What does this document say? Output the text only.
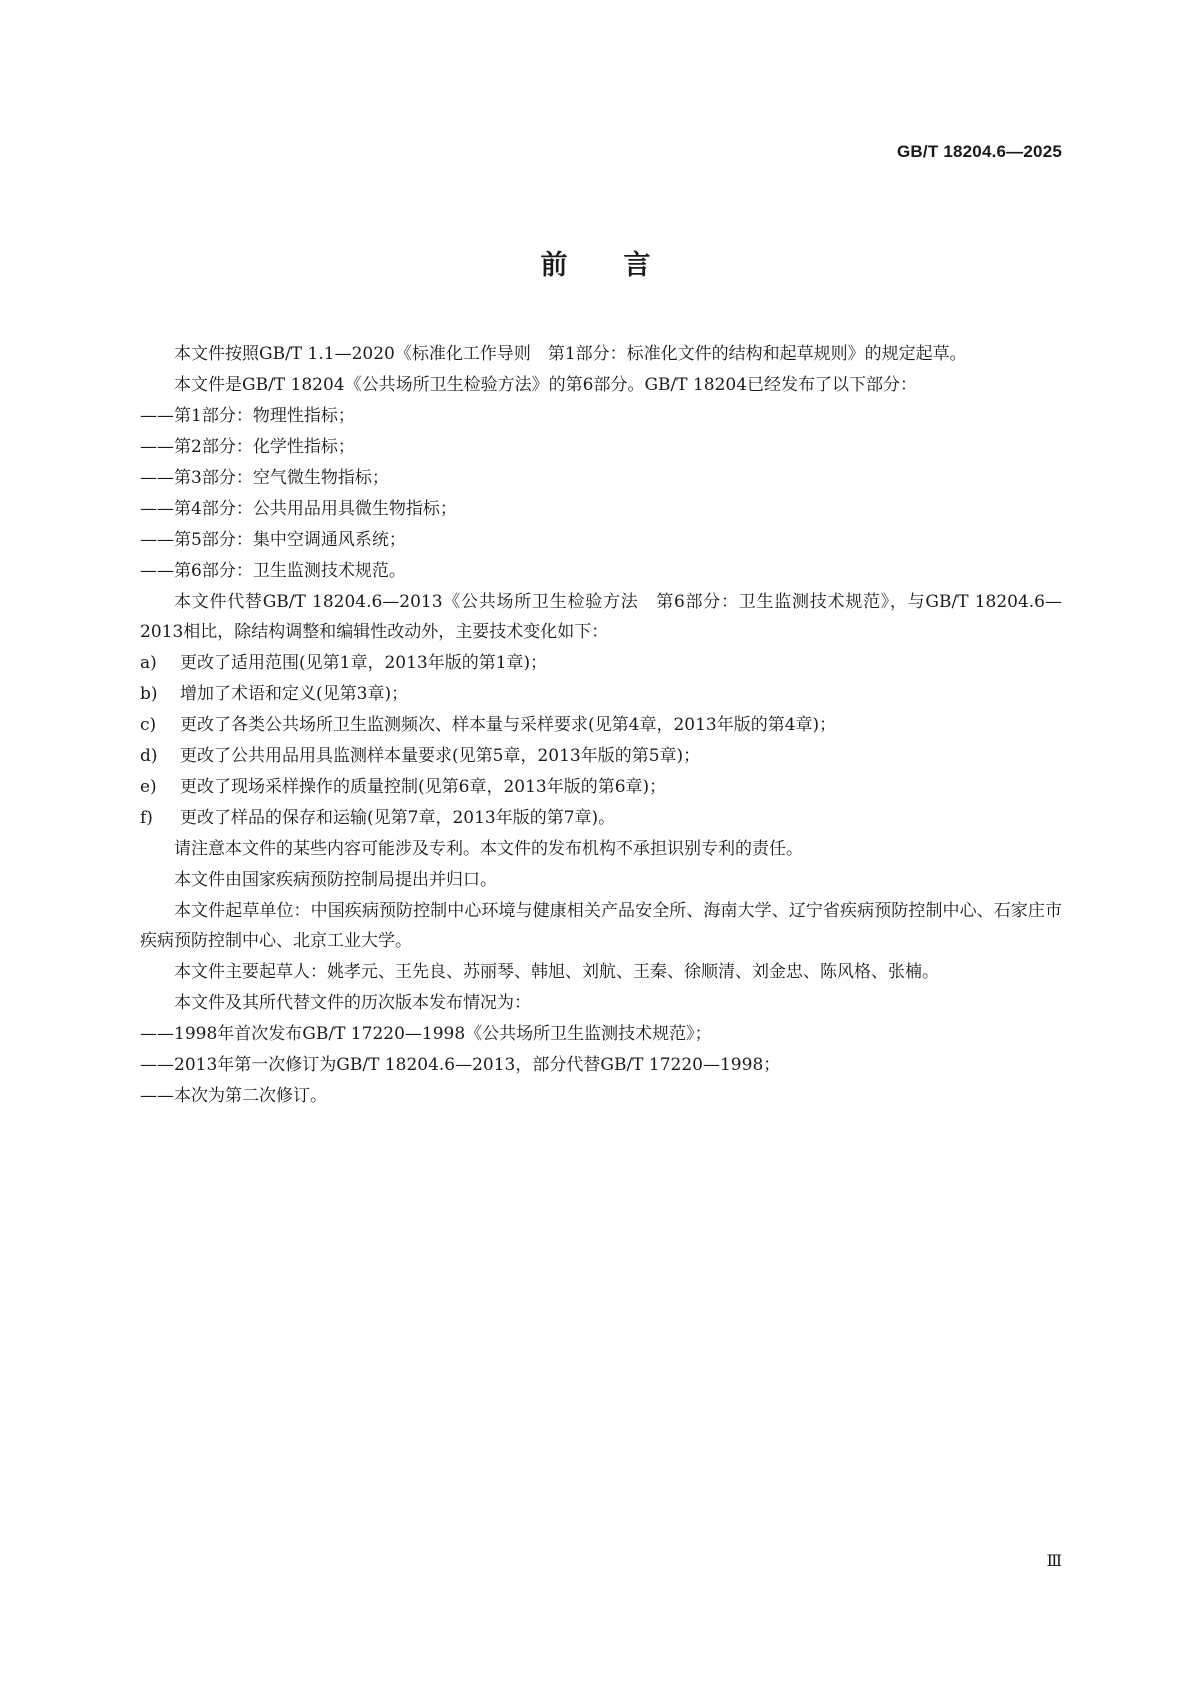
GB/T 18204.6—2025
前言

本文件按照GB/T 1.1—2020《标准化工作导则　第1部分：标准化文件的结构和起草规则》的规定起草。

本文件是GB/T 18204《公共场所卫生检验方法》的第6部分。GB/T 18204已经发布了以下部分：

——第1部分：物理性指标；

——第2部分：化学性指标；

——第3部分：空气微生物指标；

——第4部分：公共用品用具微生物指标；

——第5部分：集中空调通风系统；

——第6部分：卫生监测技术规范。

本文件代替GB/T 18204.6—2013《公共场所卫生检验方法　第6部分：卫生监测技术规范》，与GB/T 18204.6—2013相比，除结构调整和编辑性改动外，主要技术变化如下：

a) 更改了适用范围(见第1章，2013年版的第1章)；

b) 增加了术语和定义(见第3章)；

c) 更改了各类公共场所卫生监测频次、样本量与采样要求(见第4章，2013年版的第4章)；

d) 更改了公共用品用具监测样本量要求(见第5章，2013年版的第5章)；

e) 更改了现场采样操作的质量控制(见第6章，2013年版的第6章)；

f) 更改了样品的保存和运输(见第7章，2013年版的第7章)。

请注意本文件的某些内容可能涉及专利。本文件的发布机构不承担识别专利的责任。

本文件由国家疾病预防控制局提出并归口。

本文件起草单位：中国疾病预防控制中心环境与健康相关产品安全所、海南大学、辽宁省疾病预防控制中心、石家庄市疾病预防控制中心、北京工业大学。

本文件主要起草人：姚孝元、王先良、苏丽琴、韩旭、刘航、王秦、徐顺清、刘金忠、陈风格、张楠。

本文件及其所代替文件的历次版本发布情况为：

——1998年首次发布GB/T 17220—1998《公共场所卫生监测技术规范》；

——2013年第一次修订为GB/T 18204.6—2013，部分代替GB/T 17220—1998；

——本次为第二次修订。

Ⅲ
